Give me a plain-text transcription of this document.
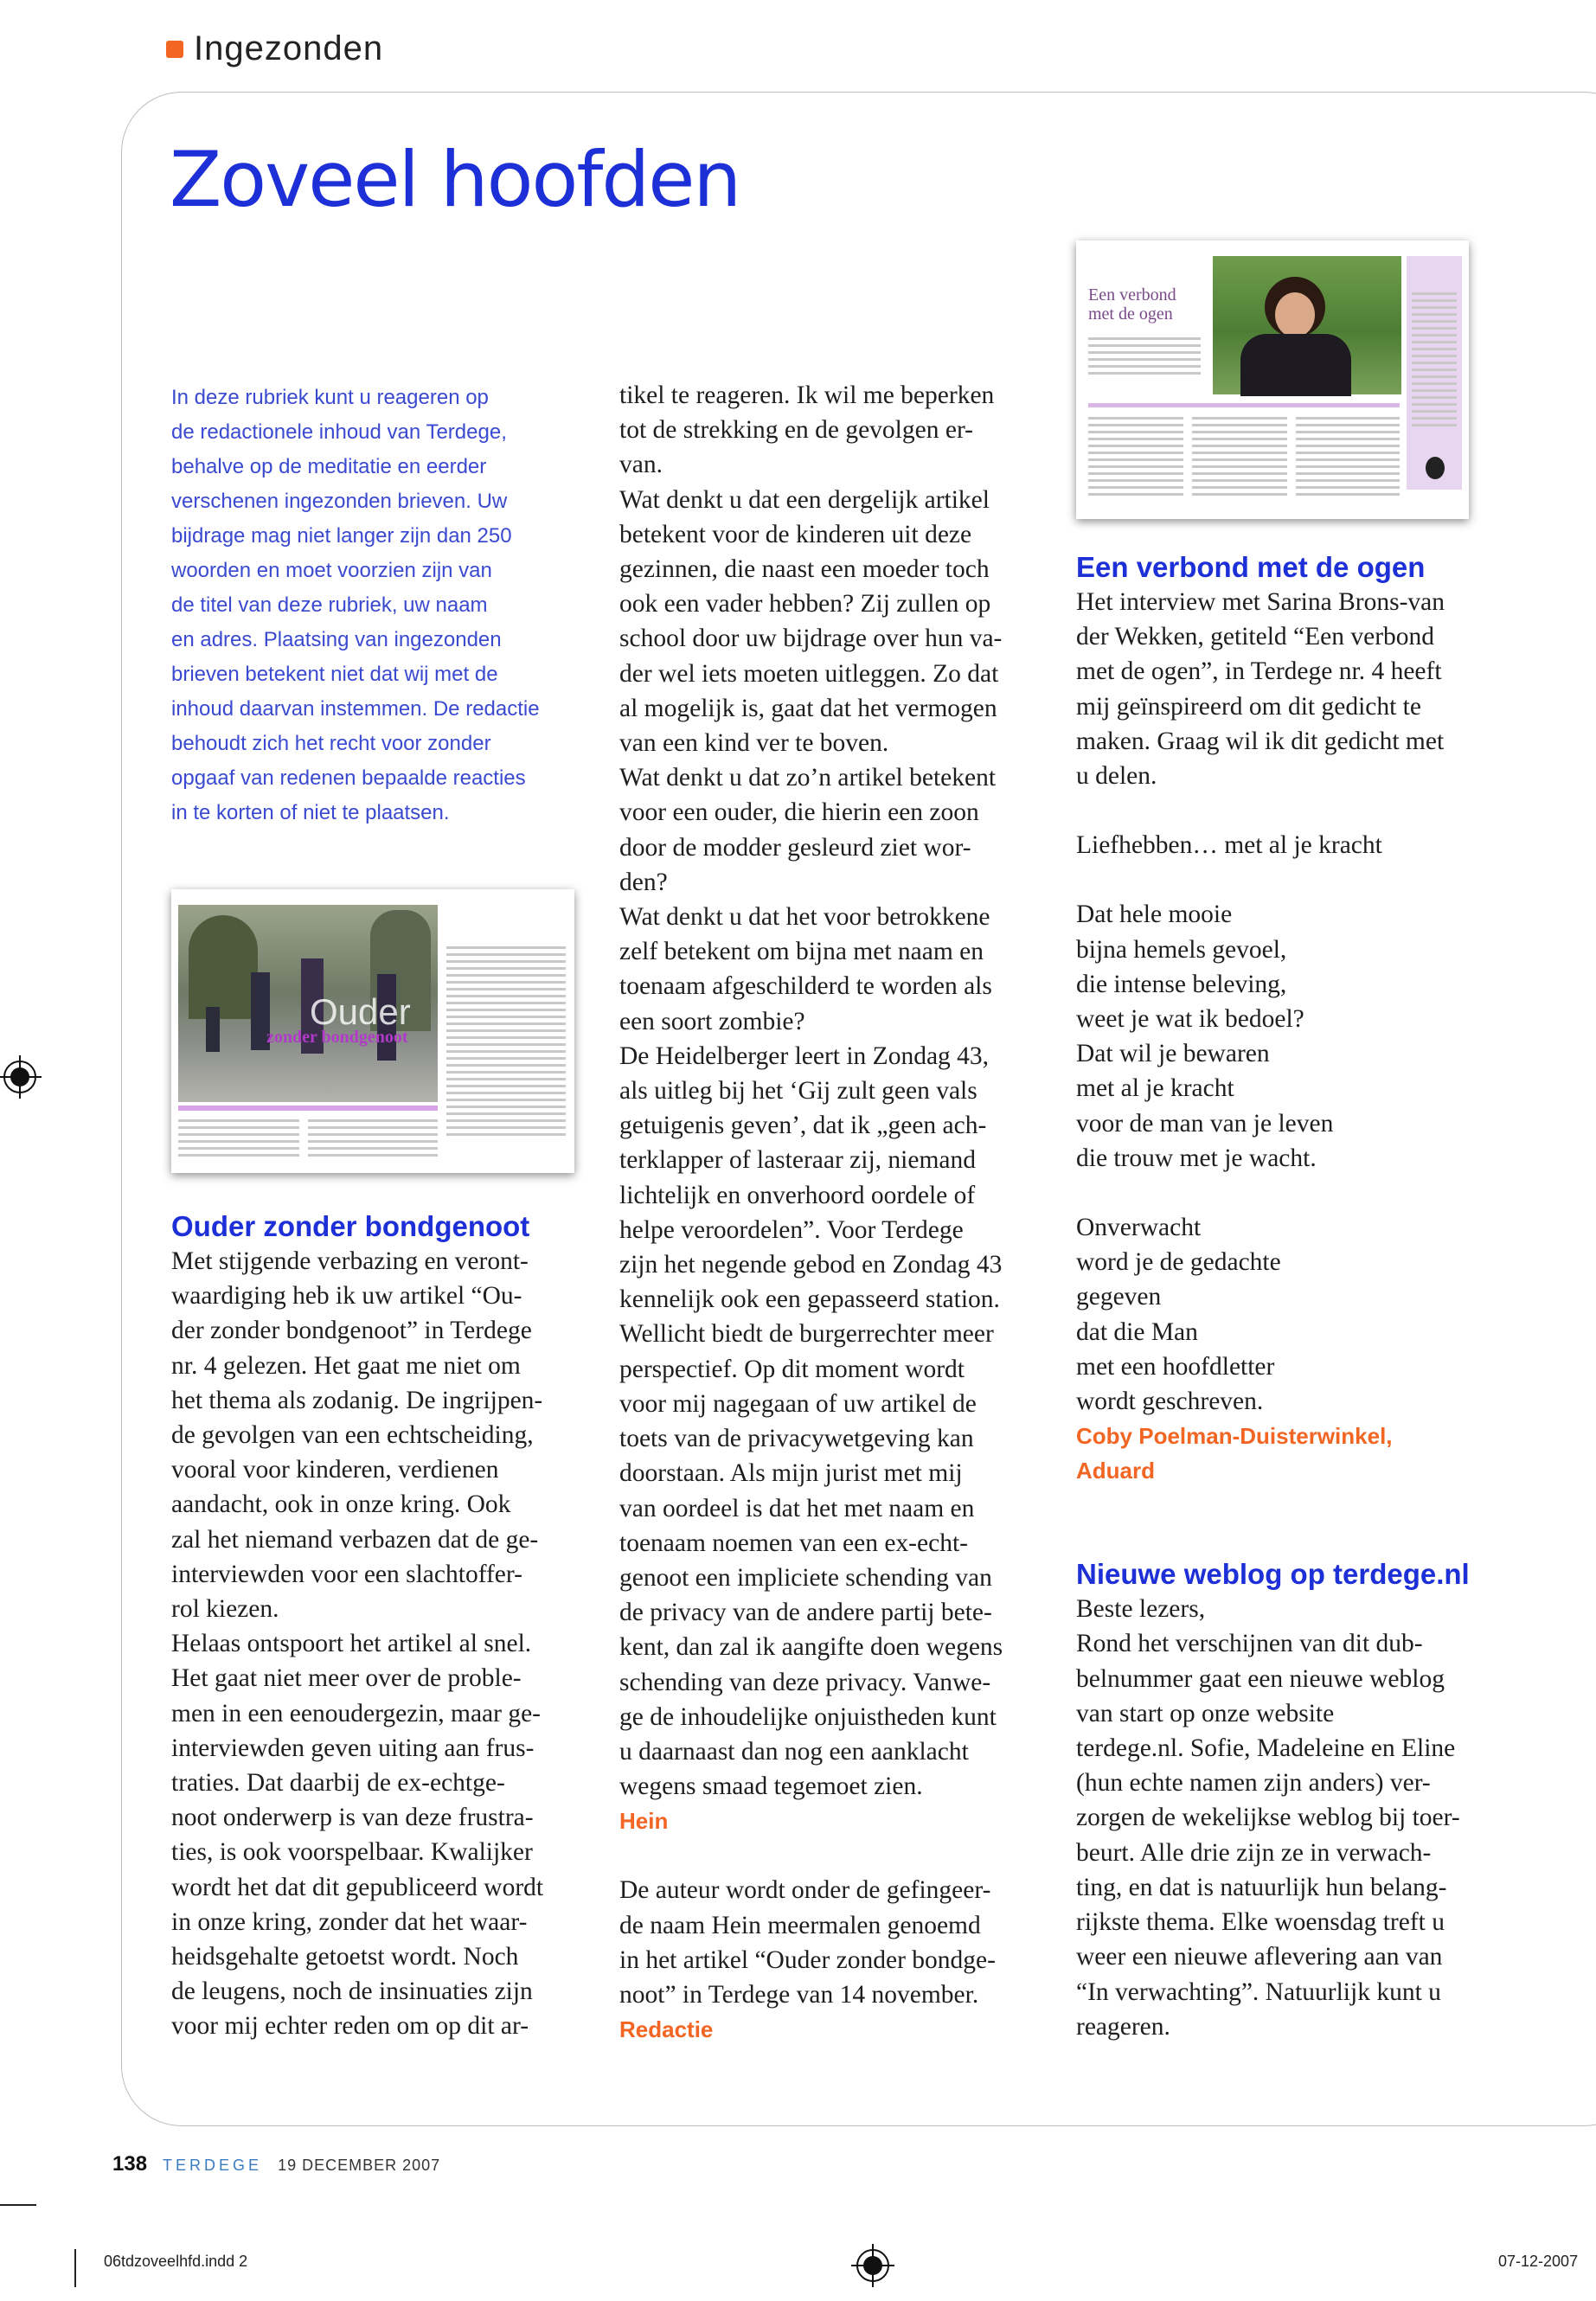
Ingezonden
Zoveel hoofden

In deze rubriek kunt u reageren op

de redactionele inhoud van Terdege,

behalve op de meditatie en eerder

verschenen ingezonden brieven. Uw

bijdrage mag niet langer zijn dan 250

woorden en moet voorzien zijn van

de titel van deze rubriek, uw naam

en adres. Plaatsing van ingezonden

brieven betekent niet dat wij met de

inhoud daarvan instemmen. De redactie

behoudt zich het recht voor zonder

opgaaf van redenen bepaalde reacties

in te korten of niet te plaatsen.

Ouder
zonder bondgenoot

Een verbond met de ogen
Ouder zonder bondgenoot

Met stijgende verbazing en veront-

waardiging heb ik uw artikel “Ou-

der zonder bondgenoot” in Terdege

nr. 4 gelezen. Het gaat me niet om

het thema als zodanig. De ingrijpen-

de gevolgen van een echtscheiding,

vooral voor kinderen, verdienen

aandacht, ook in onze kring. Ook

zal het niemand verbazen dat de ge-

interviewden voor een slachtoffer-

rol kiezen.

Helaas ontspoort het artikel al snel.

Het gaat niet meer over de proble-

men in een eenoudergezin, maar ge-

interviewden geven uiting aan frus-

traties. Dat daarbij de ex-echtge-

noot onderwerp is van deze frustra-

ties, is ook voorspelbaar. Kwalijker

wordt het dat dit gepubliceerd wordt

in onze kring, zonder dat het waar-

heidsgehalte getoetst wordt. Noch

de leugens, noch de insinuaties zijn

voor mij echter reden om op dit ar-

tikel te reageren. Ik wil me beperken

tot de strekking en de gevolgen er-

van.

Wat denkt u dat een dergelijk artikel

betekent voor de kinderen uit deze

gezinnen, die naast een moeder toch

ook een vader hebben? Zij zullen op

school door uw bijdrage over hun va-

der wel iets moeten uitleggen. Zo dat

al mogelijk is, gaat dat het vermogen

van een kind ver te boven.

Wat denkt u dat zo’n artikel betekent

voor een ouder, die hierin een zoon

door de modder gesleurd ziet wor-

den?

Wat denkt u dat het voor betrokkene

zelf betekent om bijna met naam en

toenaam afgeschilderd te worden als

een soort zombie?

De Heidelberger leert in Zondag 43,

als uitleg bij het ‘Gij zult geen vals

getuigenis geven’, dat ik „geen ach-

terklapper of lasteraar zij, niemand

lichtelijk en onverhoord oordele of

helpe veroordelen”. Voor Terdege

zijn het negende gebod en Zondag 43

kennelijk ook een gepasseerd station.

Wellicht biedt de burgerrechter meer

perspectief. Op dit moment wordt

voor mij nagegaan of uw artikel de

toets van de privacywetgeving kan

doorstaan. Als mijn jurist met mij

van oordeel is dat het met naam en

toenaam noemen van een ex-echt-

genoot een impliciete schending van

de privacy van de andere partij bete-

kent, dan zal ik aangifte doen wegens

schending van deze privacy. Vanwe-

ge de inhoudelijke onjuistheden kunt

u daarnaast dan nog een aanklacht

wegens smaad tegemoet zien.

Hein

De auteur wordt onder de gefingeer-

de naam Hein meermalen genoemd

in het artikel “Ouder zonder bondge-

noot” in Terdege van 14 november.

Redactie
Een verbond met de ogen

Het interview met Sarina Brons-van

der Wekken, getiteld “Een verbond

met de ogen”, in Terdege nr. 4 heeft

mij geïnspireerd om dit gedicht te

maken. Graag wil ik dit gedicht met

u delen.

Liefhebben… met al je kracht

Dat hele mooie

bijna hemels gevoel,

die intense beleving,

weet je wat ik bedoel?

Dat wil je bewaren

met al je kracht

voor de man van je leven

die trouw met je wacht.

Onverwacht

word je de gedachte

gegeven

dat die Man

met een hoofdletter

wordt geschreven.

Coby Poelman-Duisterwinkel,

Aduard

Nieuwe weblog op terdege.nl

Beste lezers,

Rond het verschijnen van dit dub-

belnummer gaat een nieuwe weblog

van start op onze website

terdege.nl. Sofie, Madeleine en Eline

(hun echte namen zijn anders) ver-

zorgen de wekelijkse weblog bij toer-

beurt. Alle drie zijn ze in verwach-

ting, en dat is natuurlijk hun belang-

rijkste thema. Elke woensdag treft u

weer een nieuwe aflevering aan van

“In verwachting”. Natuurlijk kunt u

reageren.

138 TERDEGE 19 DECEMBER 2007
06tdzoveelhfd.indd 2	07-12-2007
